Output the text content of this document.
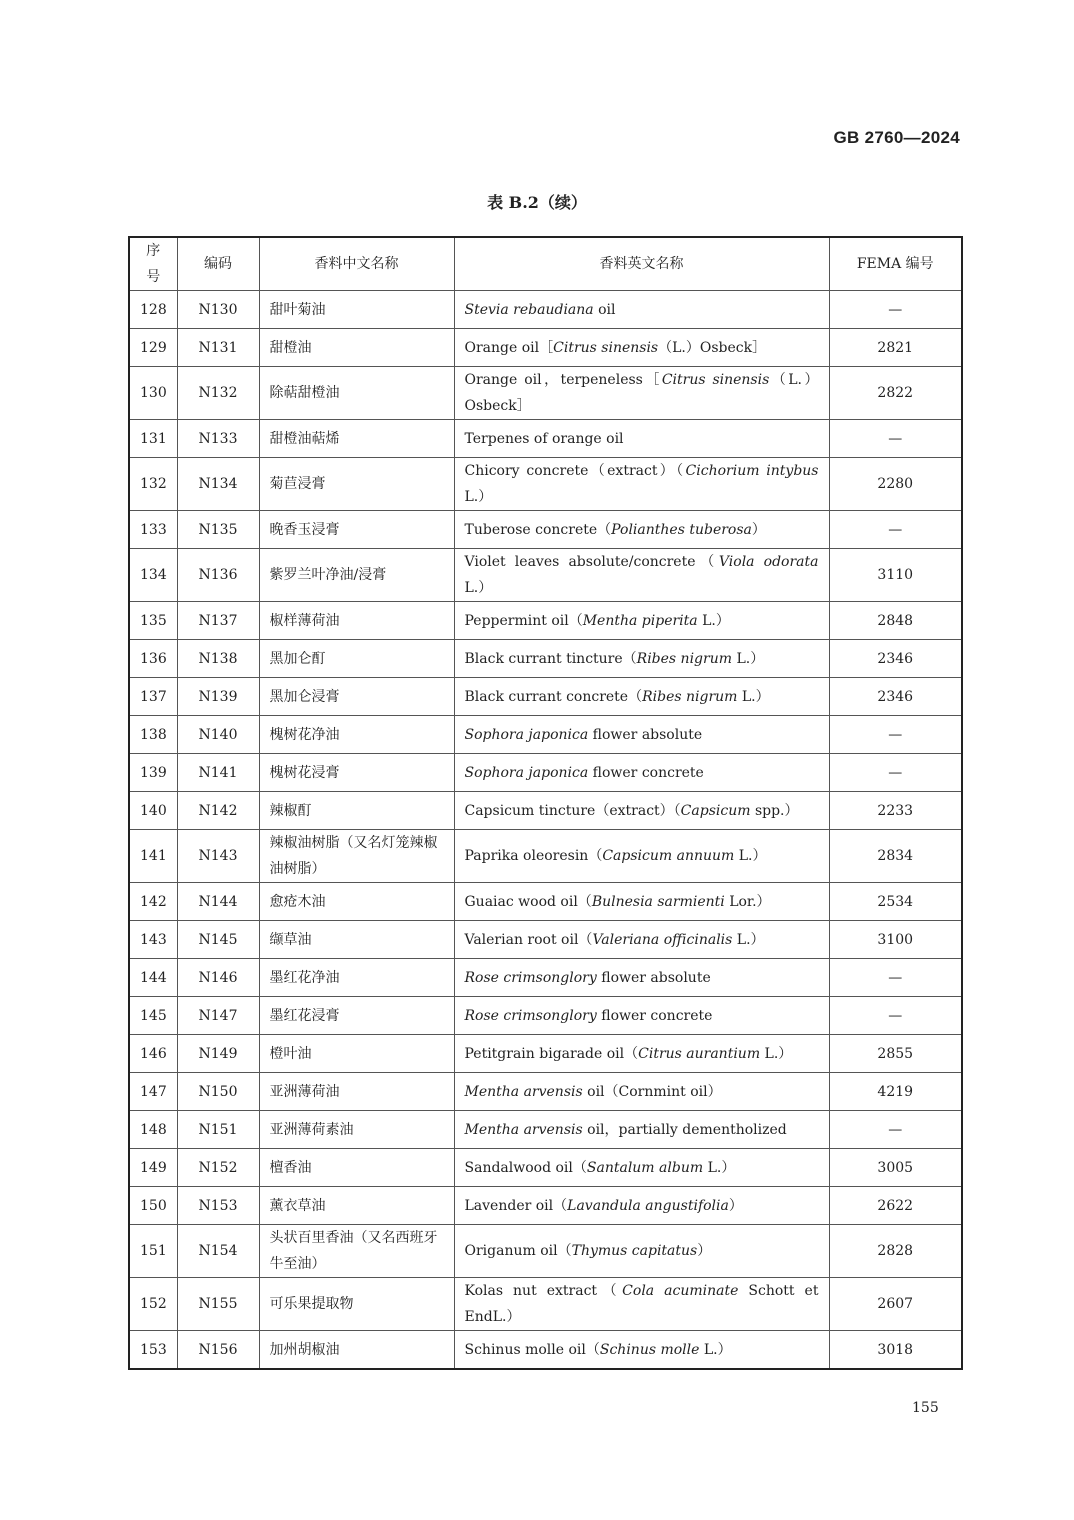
GB 2760—2024
表 B.2（续）
序号	编码	香料中文名称	香料英文名称	FEMA 编号
128	N130	甜叶菊油	Stevia rebaudiana oil	—
129	N131	甜橙油	Orange oil［Citrus sinensis（L.）Osbeck］	2821
130	N132	除萜甜橙油	Orange oil，terpeneless［Citrus sinensis（L.）Osbeck］	2822
131	N133	甜橙油萜烯	Terpenes of orange oil	—
132	N134	菊苣浸膏	Chicory concrete（extract）（Cichorium intybus L.）	2280
133	N135	晚香玉浸膏	Tuberose concrete（Polianthes tuberosa）	—
134	N136	紫罗兰叶净油/浸膏	Violet leaves absolute/concrete（Viola odorata L.）	3110
135	N137	椒样薄荷油	Peppermint oil（Mentha piperita L.）	2848
136	N138	黑加仑酊	Black currant tincture（Ribes nigrum L.）	2346
137	N139	黑加仑浸膏	Black currant concrete（Ribes nigrum L.）	2346
138	N140	槐树花净油	Sophora japonica flower absolute	—
139	N141	槐树花浸膏	Sophora japonica flower concrete	—
140	N142	辣椒酊	Capsicum tincture（extract）（Capsicum spp.）	2233
141	N143	辣椒油树脂（又名灯笼辣椒油树脂）	Paprika oleoresin（Capsicum annuum L.）	2834
142	N144	愈疮木油	Guaiac wood oil（Bulnesia sarmienti Lor.）	2534
143	N145	缬草油	Valerian root oil（Valeriana officinalis L.）	3100
144	N146	墨红花净油	Rose crimsonglory flower absolute	—
145	N147	墨红花浸膏	Rose crimsonglory flower concrete	—
146	N149	橙叶油	Petitgrain bigarade oil（Citrus aurantium L.）	2855
147	N150	亚洲薄荷油	Mentha arvensis oil（Cornmint oil）	4219
148	N151	亚洲薄荷素油	Mentha arvensis oil，partially dementholized	—
149	N152	檀香油	Sandalwood oil（Santalum album L.）	3005
150	N153	薰衣草油	Lavender oil（Lavandula angustifolia）	2622
151	N154	头状百里香油（又名西班牙牛至油）	Origanum oil（Thymus capitatus）	2828
152	N155	可乐果提取物	Kolas nut extract（Cola acuminate Schott et EndL.）	2607
153	N156	加州胡椒油	Schinus molle oil（Schinus molle L.）	3018
155
